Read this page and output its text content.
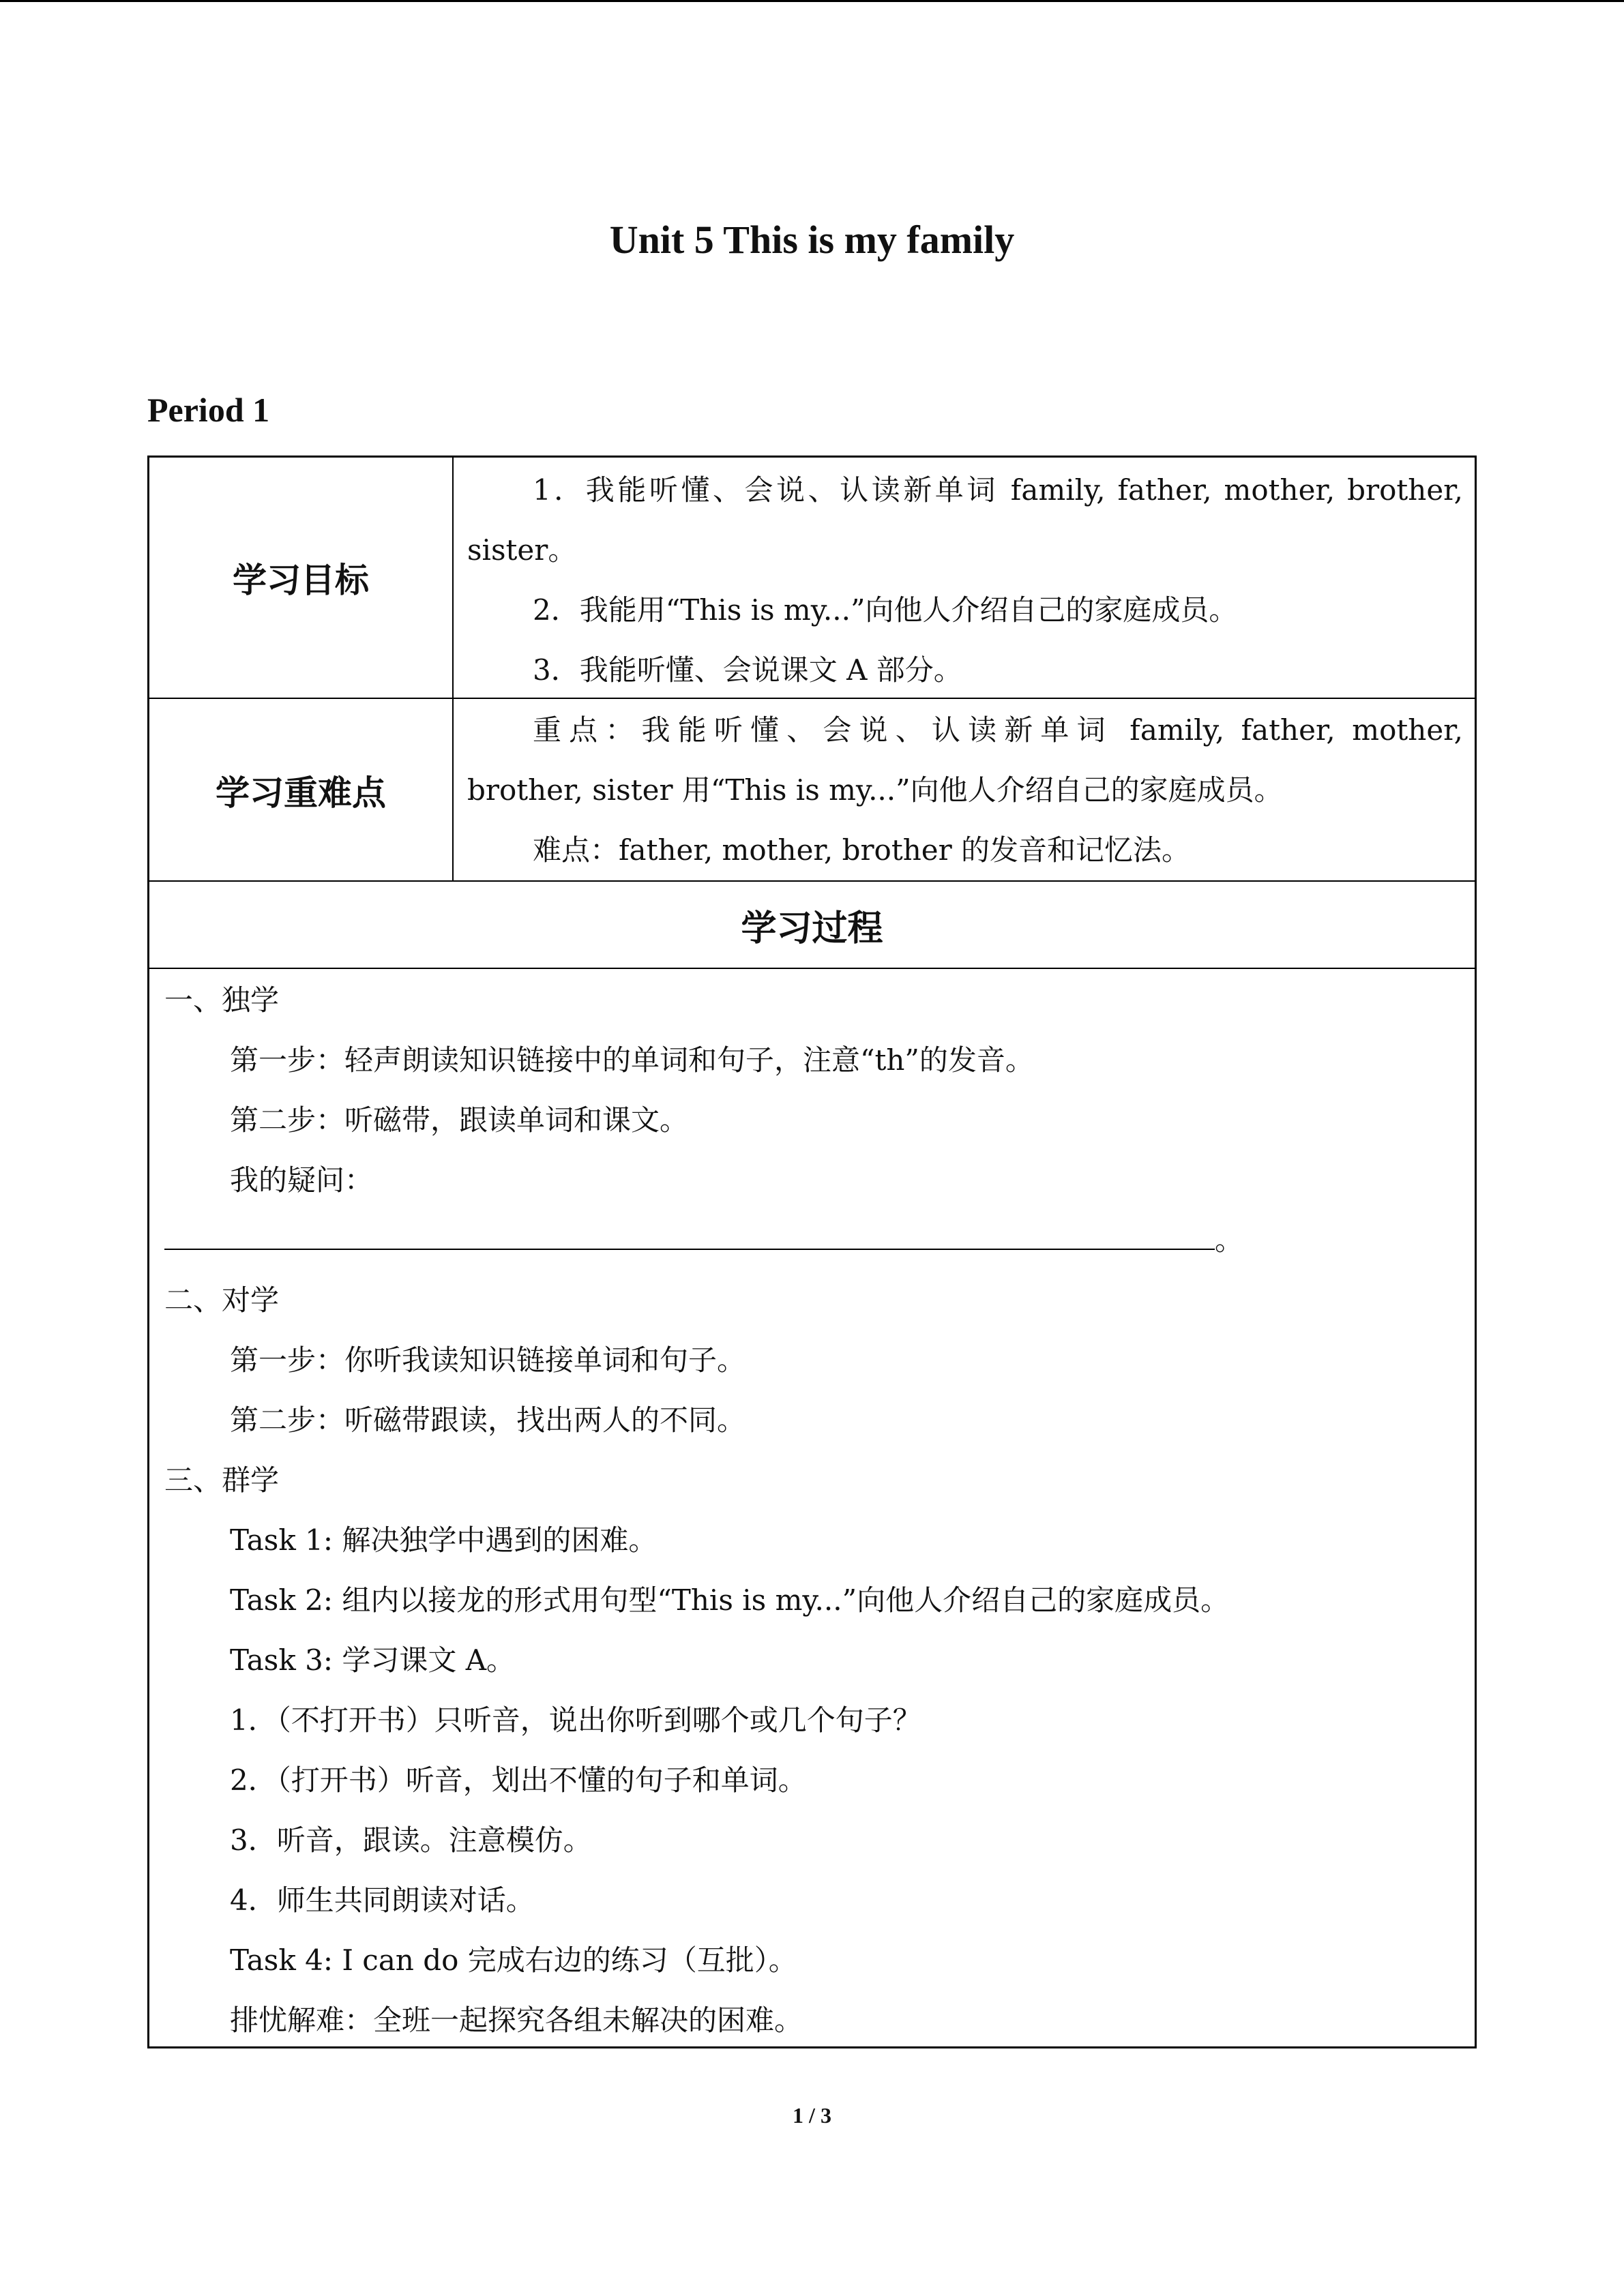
Unit 5 This is my family
Period 1
学习目标

1．我能听懂、会说、认读新单词 family, father, mother, brother,

sister。

2．我能用“This is my...”向他人介绍自己的家庭成员。

3．我能听懂、会说课文 A 部分。

学习重难点

重点：我能听懂、会说、认读新单词 family, father, mother,

brother, sister 用“This is my...”向他人介绍自己的家庭成员。

难点：father, mother, brother 的发音和记忆法。

学习过程

一、独学

第一步：轻声朗读知识链接中的单词和句子，注意“th”的发音。

第二步：听磁带，跟读单词和课文。

我的疑问：

。

二、对学

第一步：你听我读知识链接单词和句子。

第二步：听磁带跟读，找出两人的不同。

三、群学

Task 1: 解决独学中遇到的困难。

Task 2: 组内以接龙的形式用句型“This is my...”向他人介绍自己的家庭成员。

Task 3: 学习课文 A。

1．（不打开书）只听音，说出你听到哪个或几个句子？

2．（打开书）听音，划出不懂的句子和单词。

3．听音，跟读。注意模仿。

4．师生共同朗读对话。

Task 4: I can do 完成右边的练习（互批）。

排忧解难：全班一起探究各组未解决的困难。

1 / 3
